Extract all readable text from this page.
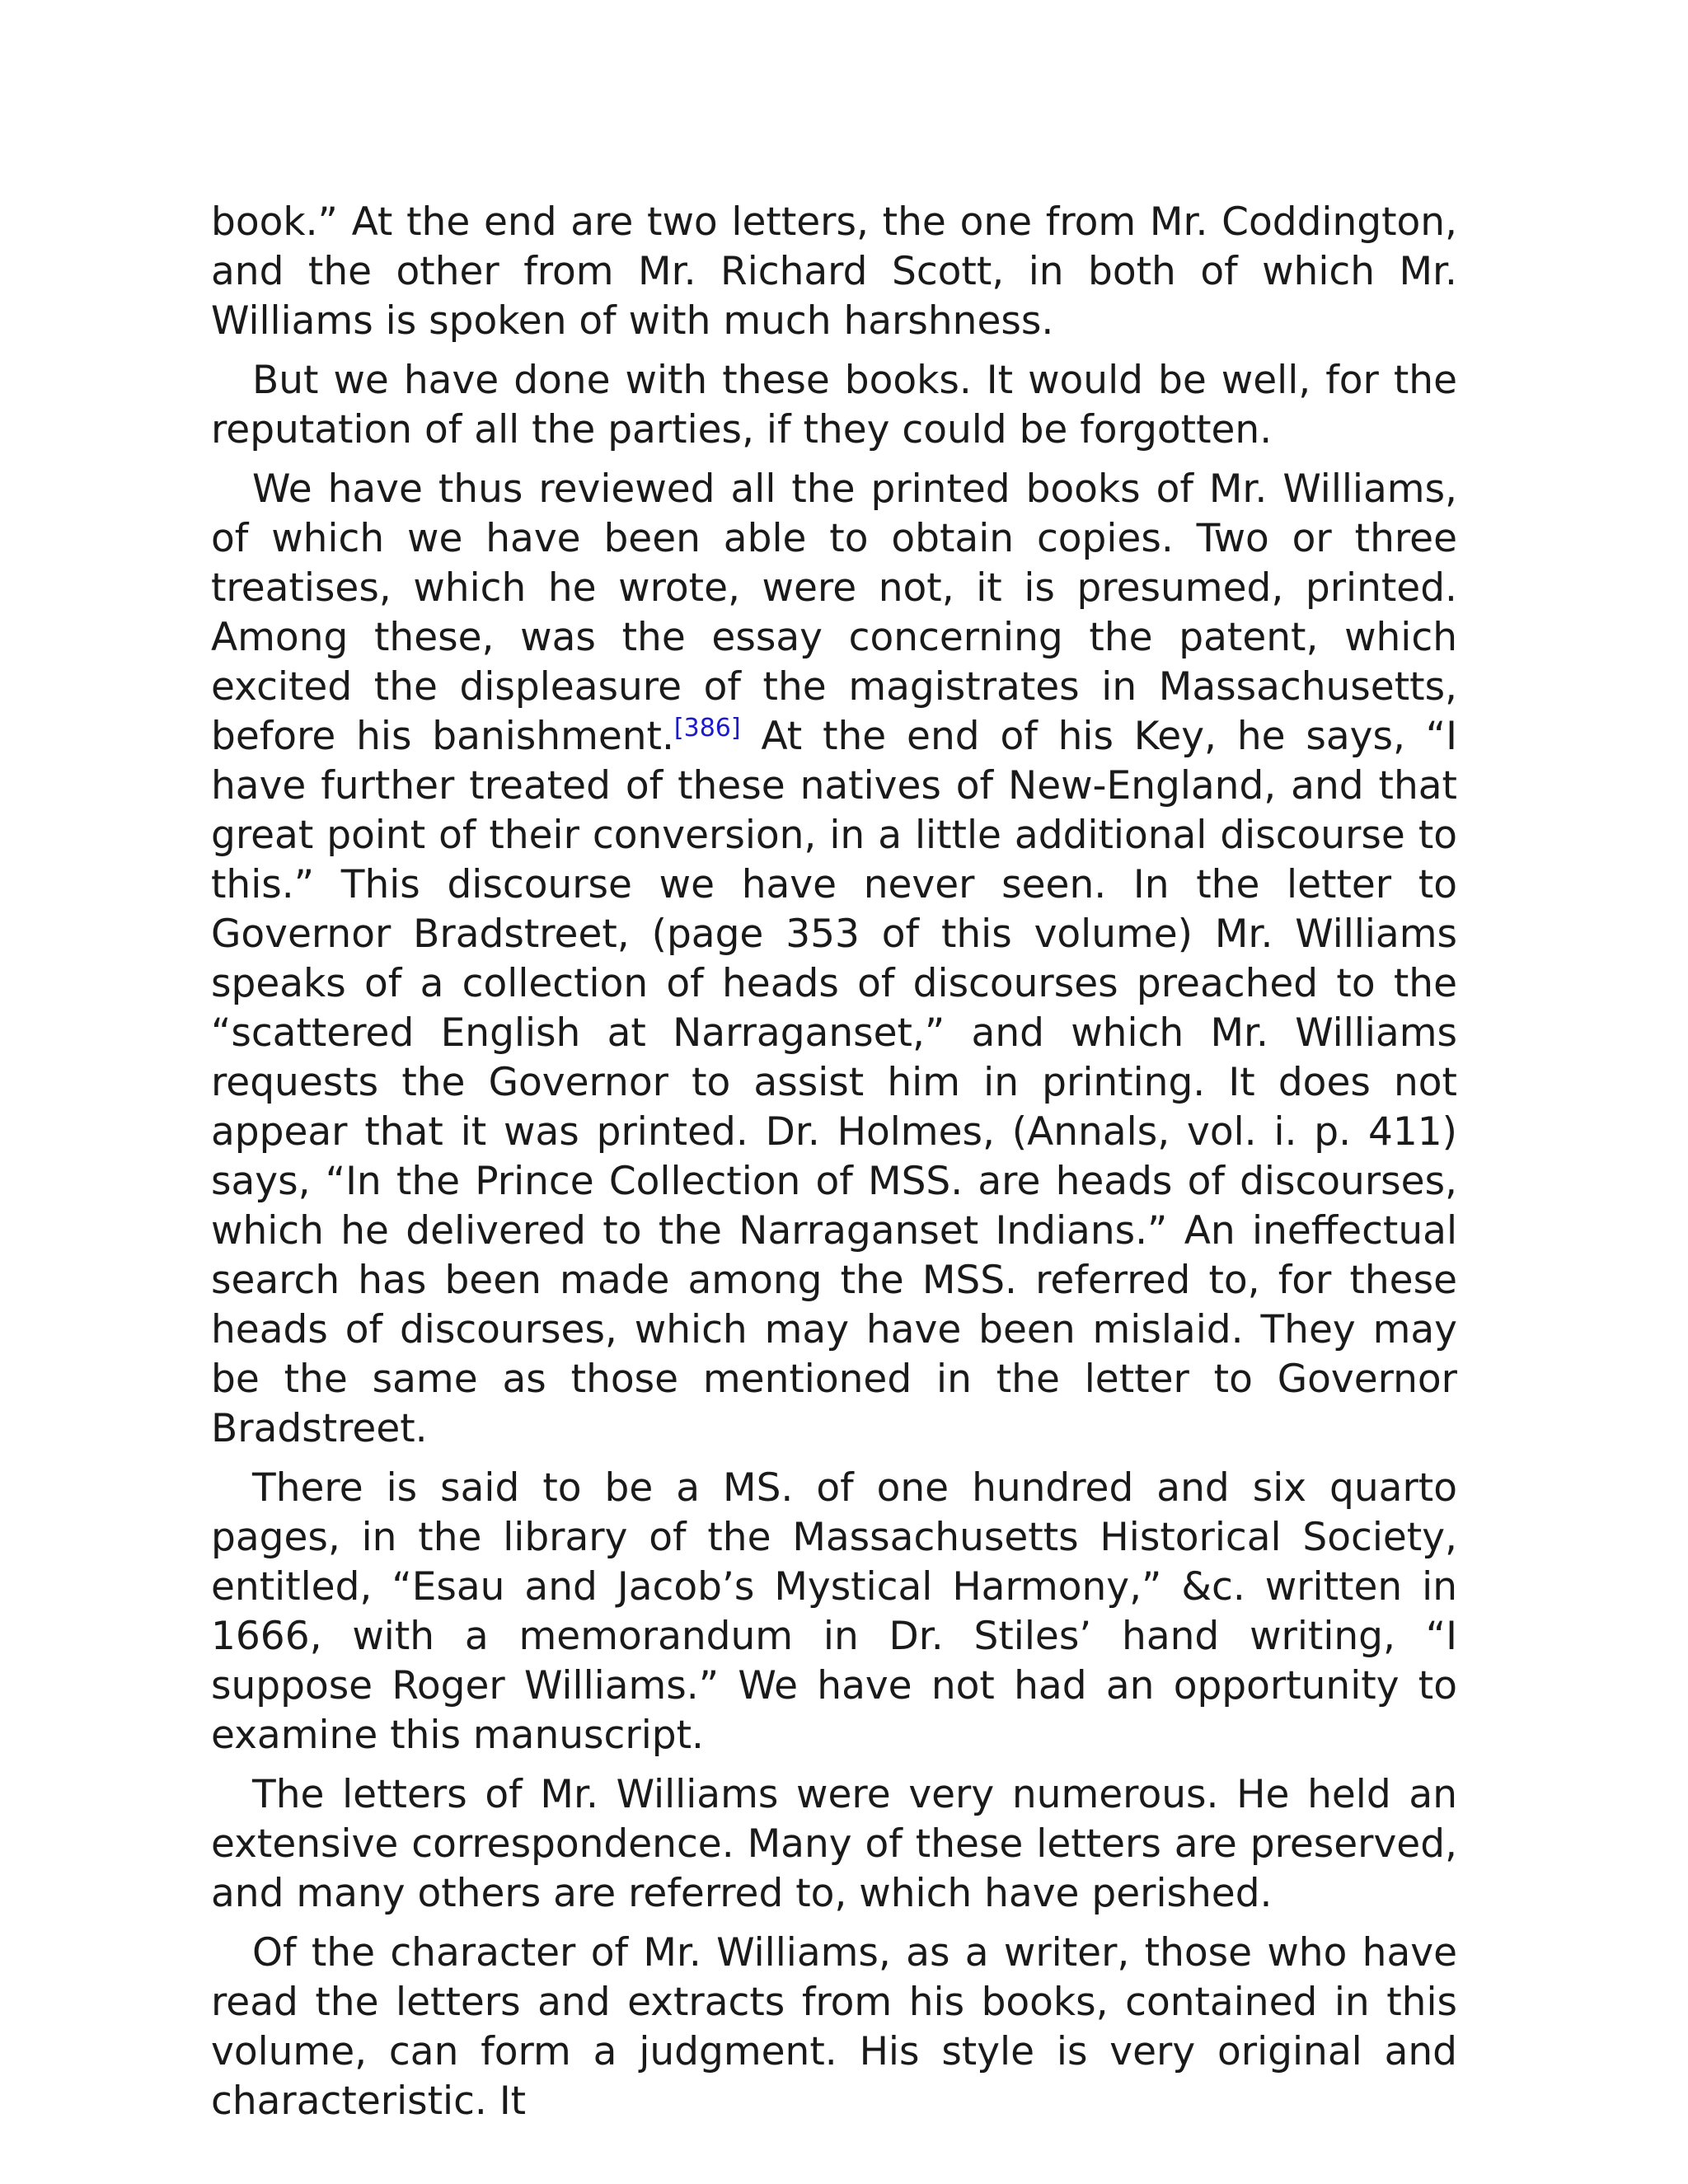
book.” At the end are two letters, the one from Mr. Coddington, and the other from Mr. Richard Scott, in both of which Mr. Williams is spoken of with much harshness.

But we have done with these books. It would be well, for the reputation of all the parties, if they could be forgotten.

We have thus reviewed all the printed books of Mr. Williams, of which we have been able to obtain copies. Two or three treatises, which he wrote, were not, it is presumed, printed. Among these, was the essay concerning the patent, which excited the displeasure of the magistrates in Massachusetts, before his banishment.[386] At the end of his Key, he says, “I have further treated of these natives of New-England, and that great point of their conversion, in a little additional discourse to this.” This discourse we have never seen. In the letter to Governor Bradstreet, (page 353 of this volume) Mr. Williams speaks of a collection of heads of discourses preached to the “scattered English at Narraganset,” and which Mr. Williams requests the Governor to assist him in printing. It does not appear that it was printed. Dr. Holmes, (Annals, vol. i. p. 411) says, “In the Prince Collection of MSS. are heads of discourses, which he delivered to the Narraganset Indians.” An ineffectual search has been made among the MSS. referred to, for these heads of discourses, which may have been mislaid. They may be the same as those mentioned in the letter to Governor Bradstreet.

There is said to be a MS. of one hundred and six quarto pages, in the library of the Massachusetts Historical Society, entitled, “Esau and Jacob’s Mystical Harmony,” &c. written in 1666, with a memorandum in Dr. Stiles’ hand writing, “I suppose Roger Williams.” We have not had an opportunity to examine this manuscript.

The letters of Mr. Williams were very numerous. He held an extensive correspondence. Many of these letters are preserved, and many others are referred to, which have perished.

Of the character of Mr. Williams, as a writer, those who have read the letters and extracts from his books, contained in this volume, can form a judgment. His style is very original and characteristic. It
